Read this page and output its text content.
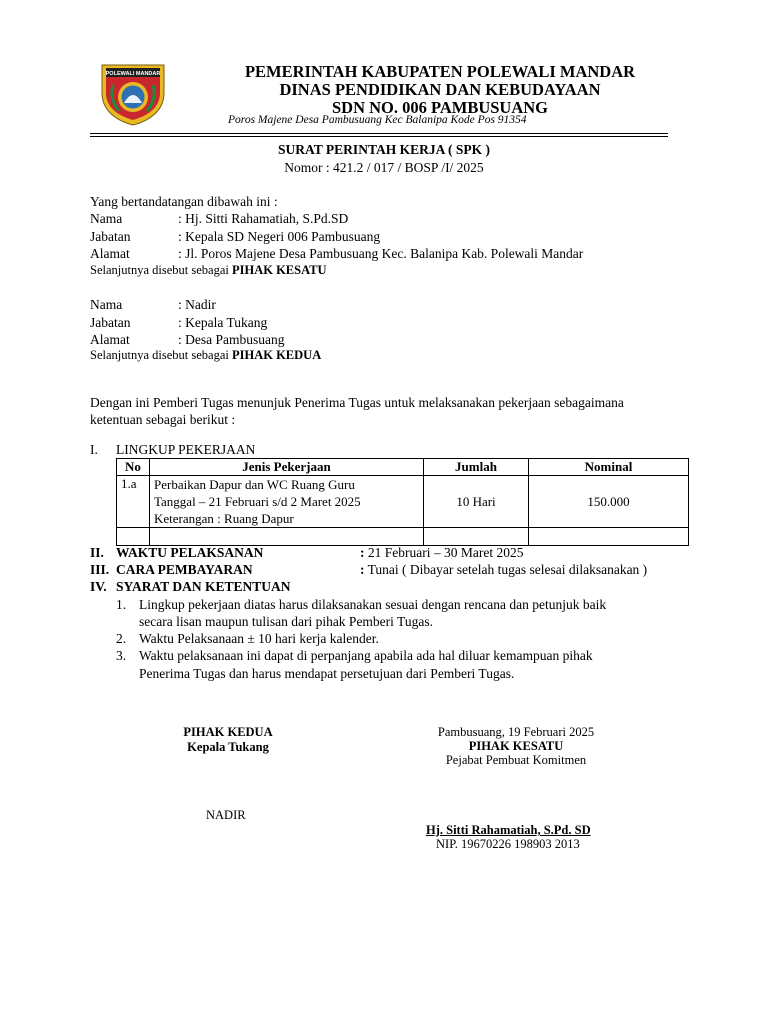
POLEWALI MANDAR	PEMERINTAH KABUPATEN POLEWALI MANDAR
DINAS PENDIDIKAN DAN KEBUDAYAAN
SDN NO. 006 PAMBUSUANG
Poros Majene Desa Pambusuang Kec Balanipa Kode Pos 91354
SURAT PERINTAH KERJA ( SPK )
Nomor : 421.2 / 017 / BOSP /I/ 2025
Yang bertandatangan dibawah ini :
Nama	: Hj. Sitti Rahamatiah, S.Pd.SD
Jabatan	: Kepala SD Negeri 006 Pambusuang
Alamat	: Jl. Poros Majene Desa Pambusuang Kec. Balanipa Kab. Polewali Mandar
Selanjutnya disebut sebagai PIHAK KESATU
Nama	: Nadir
Jabatan	: Kepala Tukang
Alamat	: Desa Pambusuang
Selanjutnya disebut sebagai PIHAK KEDUA
Dengan ini Pemberi Tugas menunjuk Penerima Tugas untuk melaksanakan pekerjaan sebagaimana
ketentuan sebagai berikut :
I. LINGKUP PEKERJAAN
No	Jenis Pekerjaan	Jumlah	Nominal
1.a	Perbaikan Dapur dan WC Ruang Guru
Tanggal – 21 Februari s/d 2 Maret 2025
Keterangan : Ruang Dapur	10 Hari	150.000

II. WAKTU PELAKSANAN	: 21 Februari – 30 Maret 2025
III. CARA PEMBAYARAN	: Tunai ( Dibayar setelah tugas selesai dilaksanakan )
IV. SYARAT DAN KETENTUAN
1. Lingkup pekerjaan diatas harus dilaksanakan sesuai dengan rencana dan petunjuk baik
secara lisan maupun tulisan dari pihak Pemberi Tugas.
2. Waktu Pelaksanaan ± 10 hari kerja kalender.
3. Waktu pelaksanaan ini dapat di perpanjang apabila ada hal diluar kemampuan pihak
Penerima Tugas dan harus mendapat persetujuan dari Pemberi Tugas.
PIHAK KEDUA
Kepala Tukang
NADIR
Pambusuang, 19 Februari 2025
PIHAK KESATU
Pejabat Pembuat Komitmen
Hj. Sitti Rahamatiah, S.Pd. SD
NIP. 19670226 198903 2013
